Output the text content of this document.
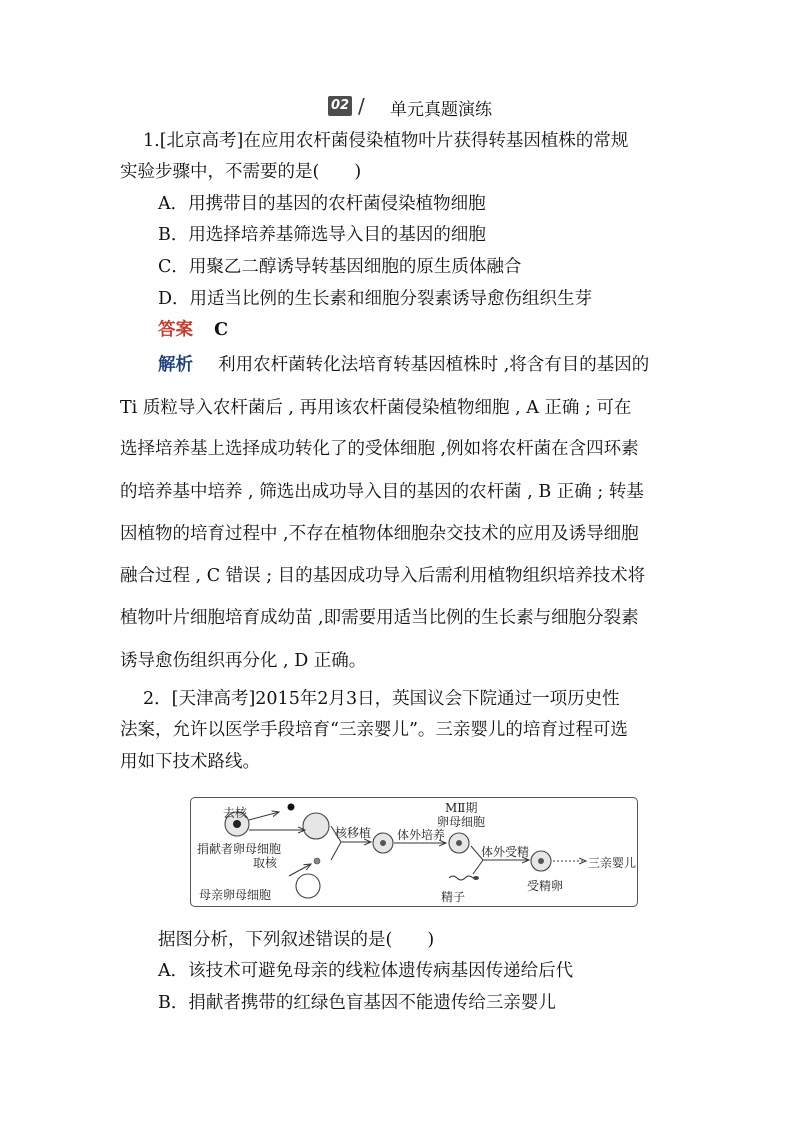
02 / 单元真题演练
1.[北京高考]在应用农杆菌侵染植物叶片获得转基因植株的常规
实验步骤中，不需要的是(　　)
A．用携带目的基因的农杆菌侵染植物细胞
B．用选择培养基筛选导入目的基因的细胞
C．用聚乙二醇诱导转基因细胞的原生质体融合
D．用适当比例的生长素和细胞分裂素诱导愈伤组织生芽
答案 C
解析 利用农杆菌转化法培育转基因植株时 ,将含有目的基因的
Ti 质粒导入农杆菌后 , 再用该农杆菌侵染植物细胞 , A 正确 ; 可在
选择培养基上选择成功转化了的受体细胞 ,例如将农杆菌在含四环素
的培养基中培养 , 筛选出成功导入目的基因的农杆菌 , B 正确 ; 转基
因植物的培育过程中 ,不存在植物体细胞杂交技术的应用及诱导细胞
融合过程 , C 错误 ; 目的基因成功导入后需利用植物组织培养技术将
植物叶片细胞培育成幼苗 ,即需要用适当比例的生长素与细胞分裂素
诱导愈伤组织再分化 , D 正确。
2．[天津高考]2015年2月3日，英国议会下院通过一项历史性
法案，允许以医学手段培育“三亲婴儿”。三亲婴儿的培育过程可选
用如下技术路线。
去核
捐献者卵母细胞
取核
母亲卵母细胞
核移植 体外培养
MⅡ期
卵母细胞
体外受精
精子
受精卵
三亲婴儿
据图分析，下列叙述错误的是(　　)
A．该技术可避免母亲的线粒体遗传病基因传递给后代
B．捐献者携带的红绿色盲基因不能遗传给三亲婴儿
